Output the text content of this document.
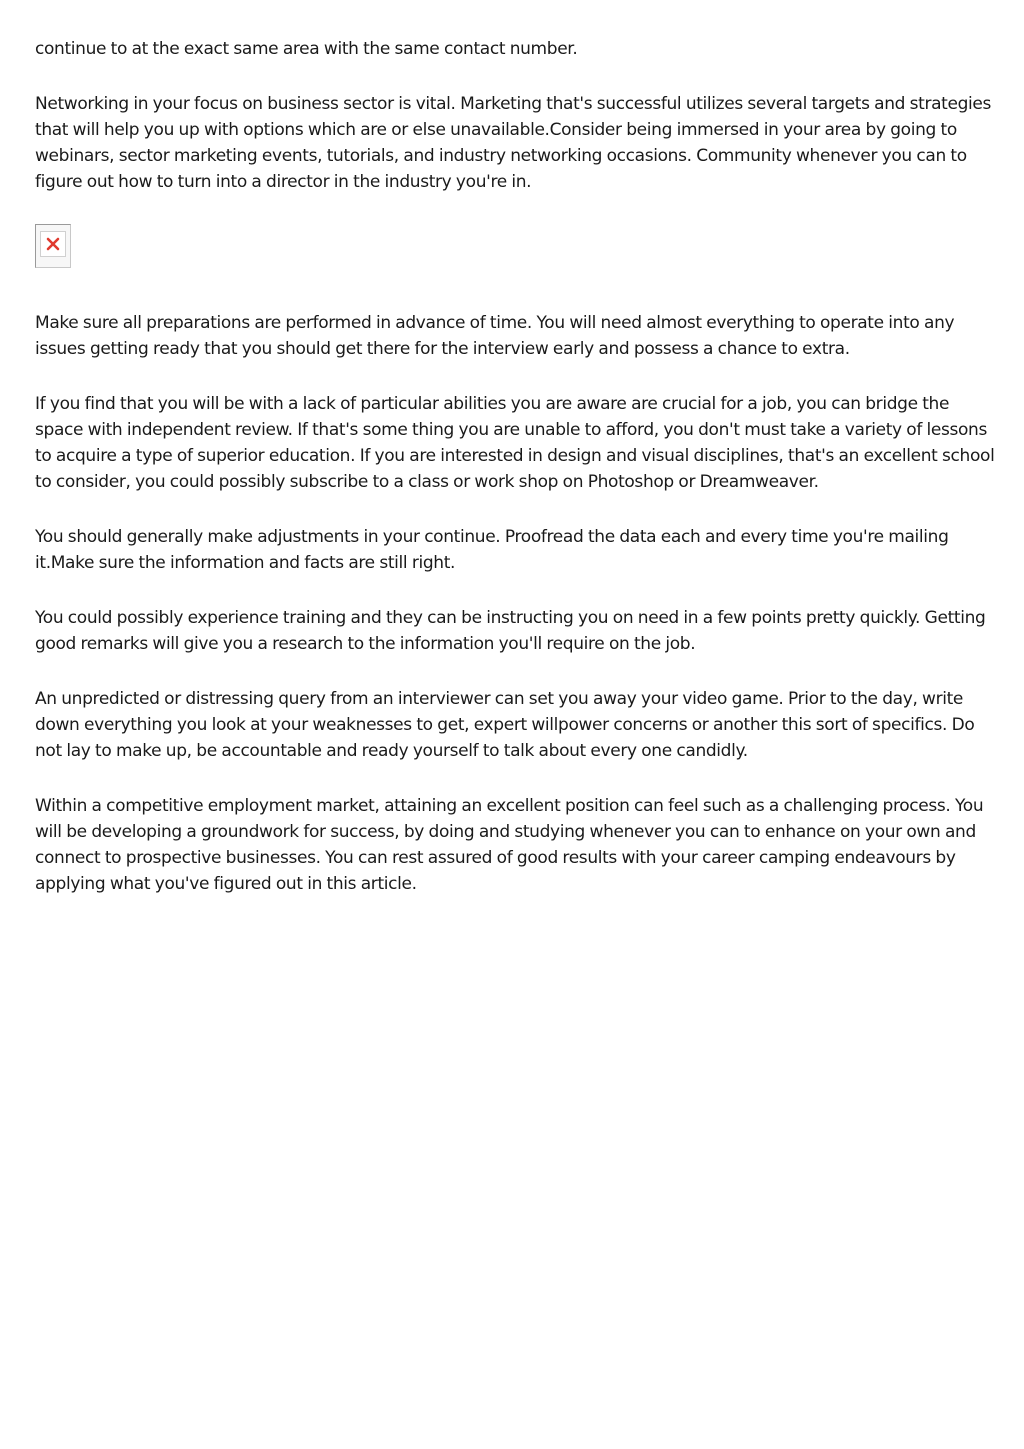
continue to at the exact same area with the same contact number.

Networking in your focus on business sector is vital. Marketing that's successful utilizes several targets and strategies that will help you up with options which are or else unavailable.Consider being immersed in your area by going to webinars, sector marketing events, tutorials, and industry networking occasions. Community whenever you can to figure out how to turn into a director in the industry you're in.

Make sure all preparations are performed in advance of time. You will need almost everything to operate into any issues getting ready that you should get there for the interview early and possess a chance to extra.

If you find that you will be with a lack of particular abilities you are aware are crucial for a job, you can bridge the space with independent review. If that's some thing you are unable to afford, you don't must take a variety of lessons to acquire a type of superior education. If you are interested in design and visual disciplines, that's an excellent school to consider, you could possibly subscribe to a class or work shop on Photoshop or Dreamweaver.

You should generally make adjustments in your continue. Proofread the data each and every time you're mailing it.Make sure the information and facts are still right.

You could possibly experience training and they can be instructing you on need in a few points pretty quickly. Getting good remarks will give you a research to the information you'll require on the job.

An unpredicted or distressing query from an interviewer can set you away your video game. Prior to the day, write down everything you look at your weaknesses to get, expert willpower concerns or another this sort of specifics. Do not lay to make up, be accountable and ready yourself to talk about every one candidly.

Within a competitive employment market, attaining an excellent position can feel such as a challenging process. You will be developing a groundwork for success, by doing and studying whenever you can to enhance on your own and connect to prospective businesses. You can rest assured of good results with your career camping endeavours by applying what you've figured out in this article.
